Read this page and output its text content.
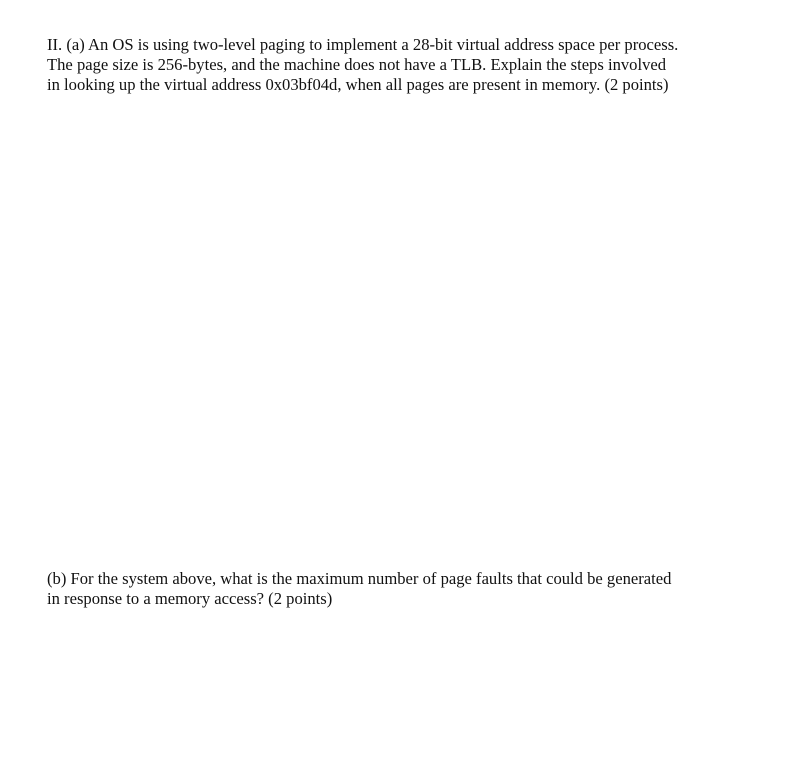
II. (a) An OS is using two-level paging to implement a 28-bit virtual address space per process.
The page size is 256-bytes, and the machine does not have a TLB. Explain the steps involved
in looking up the virtual address 0x03bf04d, when all pages are present in memory. (2 points)

(b) For the system above, what is the maximum number of page faults that could be generated
in response to a memory access? (2 points)
